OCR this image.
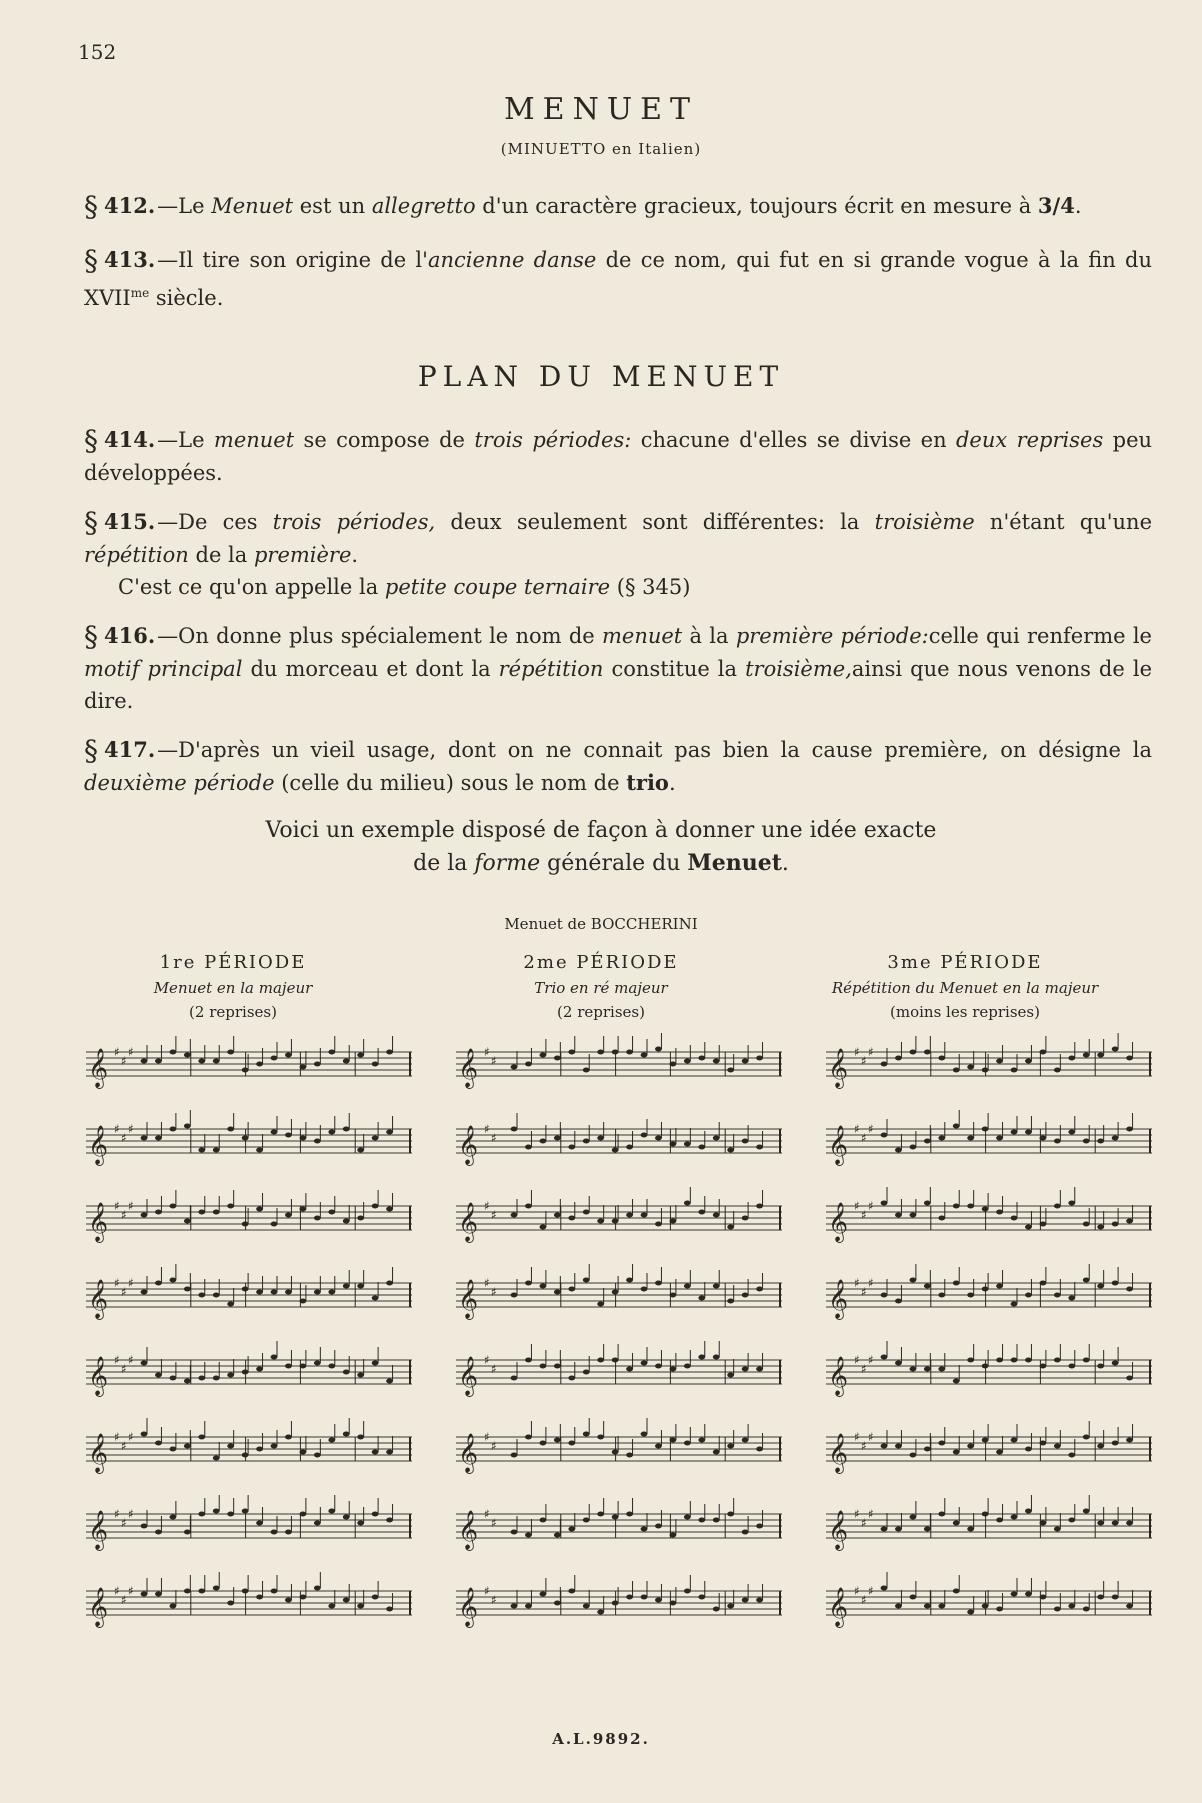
152
MENUET
(MINUETTO en Italien)
§ 412.—Le Menuet est un allegretto d'un caractère gracieux, toujours écrit en mesure à 3/4.
§ 413.—Il tire son origine de l'ancienne danse de ce nom, qui fut en si grande vogue à la fin du $XVII^{me}$ siècle.
PLAN DU MENUET
§ 414.—Le menuet se compose de trois périodes: chacune d'elles se divise en deux reprises peu développées.
§ 415.—De ces trois périodes, deux seulement sont différentes: la troisième n'étant qu'une répétition de la première.
C'est ce qu'on appelle la petite coupe ternaire (§ 345)
§ 416.—On donne plus spécialement le nom de menuet à la première période:celle qui renferme le motif principal du morceau et dont la répétition constitue la troisième,ainsi que nous venons de le dire.
§ 417.—D'après un vieil usage, dont on ne connait pas bien la cause première, on désigne la deuxième période (celle du milieu) sous le nom de trio.
Voici un exemple disposé de façon à donner une idée exacte
de la forme générale du Menuet.
Menuet de BOCCHERINI
1re PÉRIODE
Menuet en la majeur
(2 reprises)
2me PÉRIODE
Trio en ré majeur
(2 reprises)
3me PÉRIODE
Répétition du Menuet en la majeur
(moins les reprises)
𝄞 ♯
♯
♯
𝄞 ♯
♯
♯
𝄞 ♯
♯
♯
𝄞 ♯
♯
♯
𝄞 ♯
♯
♯
𝄞 ♯
♯
♯
𝄞 ♯
♯
♯
𝄞 ♯
♯
♯
𝄞 ♯
♯
𝄞 ♯
♯
𝄞 ♯
♯
𝄞 ♯
♯
𝄞 ♯
♯
𝄞 ♯
♯
𝄞 ♯
♯
𝄞 ♯
♯
𝄞 ♯
♯
♯
𝄞 ♯
♯
♯
𝄞 ♯
♯
♯
𝄞 ♯
♯
♯
𝄞 ♯
♯
♯
𝄞 ♯
♯
♯
𝄞 ♯
♯
♯
𝄞 ♯
♯
♯
A.L.9892.
